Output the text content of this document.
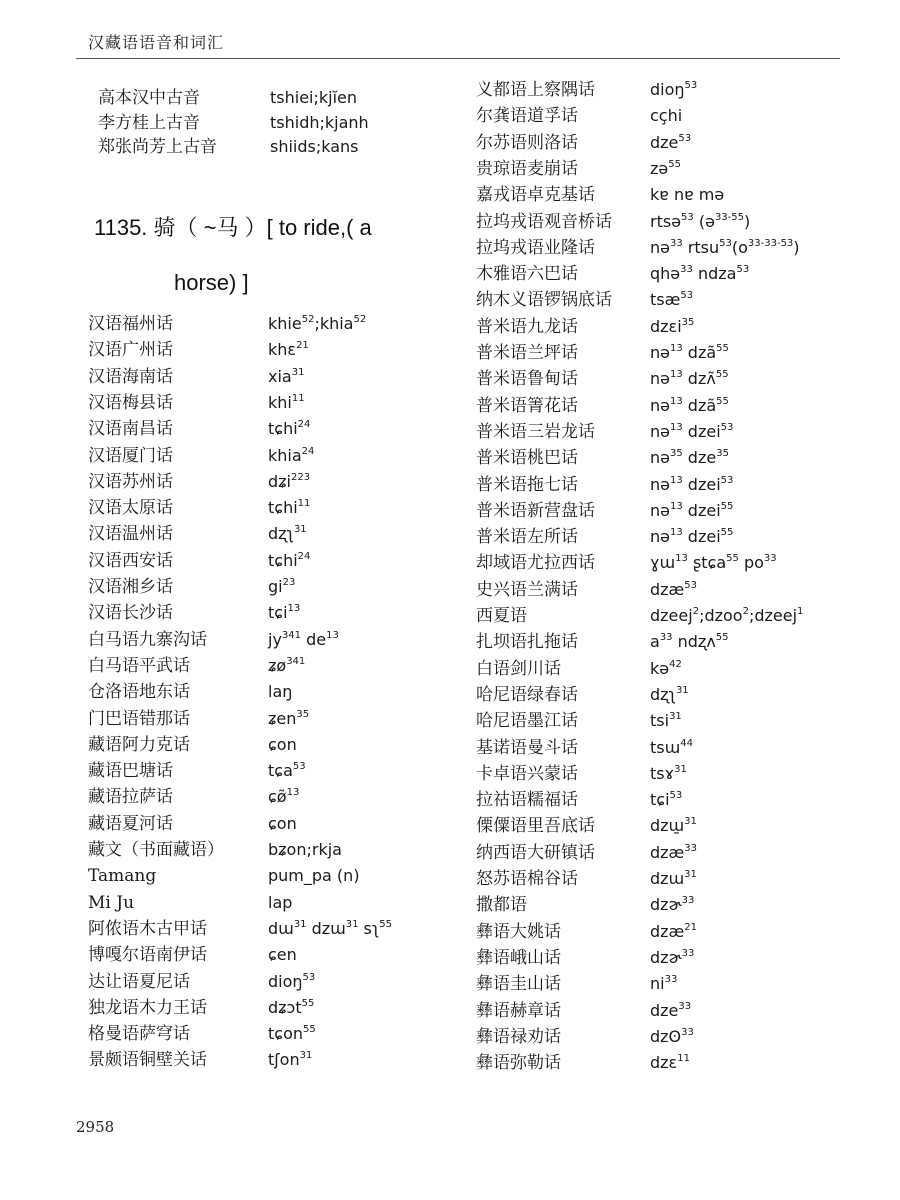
汉藏语语音和词汇
高本汉中古音	tshiei;kjĭen
李方桂上古音	tshidh;kjanh
郑张尚芳上古音	shiids;kans
1135. 骑（ ~马 ）[ to ride,( a
horse) ]
汉语福州话	khie$^{52}$;khia$^{52}$
汉语广州话	khɛ$^{21}$
汉语海南话	xia$^{31}$
汉语梅县话	khi$^{11}$
汉语南昌话	tɕhi$^{24}$
汉语厦门话	khia$^{24}$
汉语苏州话	dʑi$^{223}$
汉语太原话	tɕhi$^{11}$
汉语温州话	dʐʅ$^{31}$
汉语西安话	tɕhi$^{24}$
汉语湘乡话	$gi^{23}$
汉语长沙话	tɕi$^{13}$
白马语九寨沟话	$jy^{341}$ $de^{13}$
白马语平武话	ʑø$^{341}$
仓洛语地东话	laŋ
门巴语错那话	ʑen$^{35}$
藏语阿力克话	ɕon
藏语巴塘话	tɕa$^{53}$
藏语拉萨话	ɕø̃$^{13}$
藏语夏河话	ɕon
藏文（书面藏语）	bʑon;rkja
Tamang	pum_pa (n)
Mi Ju	lap
阿侬语木古甲话	dɯ$^{31}$ dzɯ$^{31}$ sʅ$^{55}$
博嘎尔语南伊话	ɕen
达让语夏尼话	dioŋ$^{53}$
独龙语木力王话	dʑɔt$^{55}$
格曼语萨穹话	tɕon$^{55}$
景颇语铜壁关话	tʃon$^{31}$
义都语上察隅话	dioŋ$^{53}$
尔龚语道孚话	cçhi
尔苏语则洛话	dze$^{53}$
贵琼语麦崩话	zə$^{55}$
嘉戎语卓克基话	kɐ nɐ mə
拉坞戎语观音桥话 rtsə$^{53}$ (ə$^{33-55}$)
拉坞戎语业隆话	nə$^{33}$ $rtsu^{53}(o^{33-33-53})$
木雅语六巴话	qhə$^{33}$ ndza$^{53}$
纳木义语锣锅底话 tsæ$^{53}$
普米语九龙话	dzɛi$^{35}$
普米语兰坪话	nə$^{13}$ dzã$^{55}$
普米语鲁甸话	nə$^{13}$ dzʌ̃$^{55}$
普米语箐花话	nə$^{13}$ dzã$^{55}$
普米语三岩龙话	nə$^{13}$ dzei$^{53}$
普米语桃巴话	nə$^{35}$ dze$^{35}$
普米语拖七话	nə$^{13}$ dzei$^{53}$
普米语新营盘话	nə$^{13}$ dzei$^{55}$
普米语左所话	nə$^{13}$ dzei$^{55}$
却域语尤拉西话	ɣɯ$^{13}$ ʂtɕa$^{55}$ $po^{33}$
史兴语兰满话	dzæ$^{53}$
西夏语	dzeej$^2$;dzoo$^2$;dzeej$^1$
扎坝语扎拖话	$a^{33}$ ndʐʌ$^{55}$
白语剑川话	kə$^{42}$
哈尼语绿春话	dʐʅ$^{31}$
哈尼语墨江话	tsi$^{31}$
基诺语曼斗话	tsɯ$^{44}$
卡卓语兴蒙话	tsɤ$^{31}$
拉祜语糯福话	tɕi$^{53}$
傈僳语里吾底话	dzɯ̱$^{31}$
纳西语大研镇话	dzæ$^{33}$
怒苏语棉谷话	dzɯ$^{31}$
撒都语	dzɚ$^{33}$
彝语大姚话	dzæ$^{21}$
彝语峨山话	dzɚ$^{33}$
彝语圭山话	$ni^{33}$
彝语赫章话	dze$^{33}$
彝语禄劝话	dzʘ$^{33}$
彝语弥勒话	dzɛ$^{11}$
2958
